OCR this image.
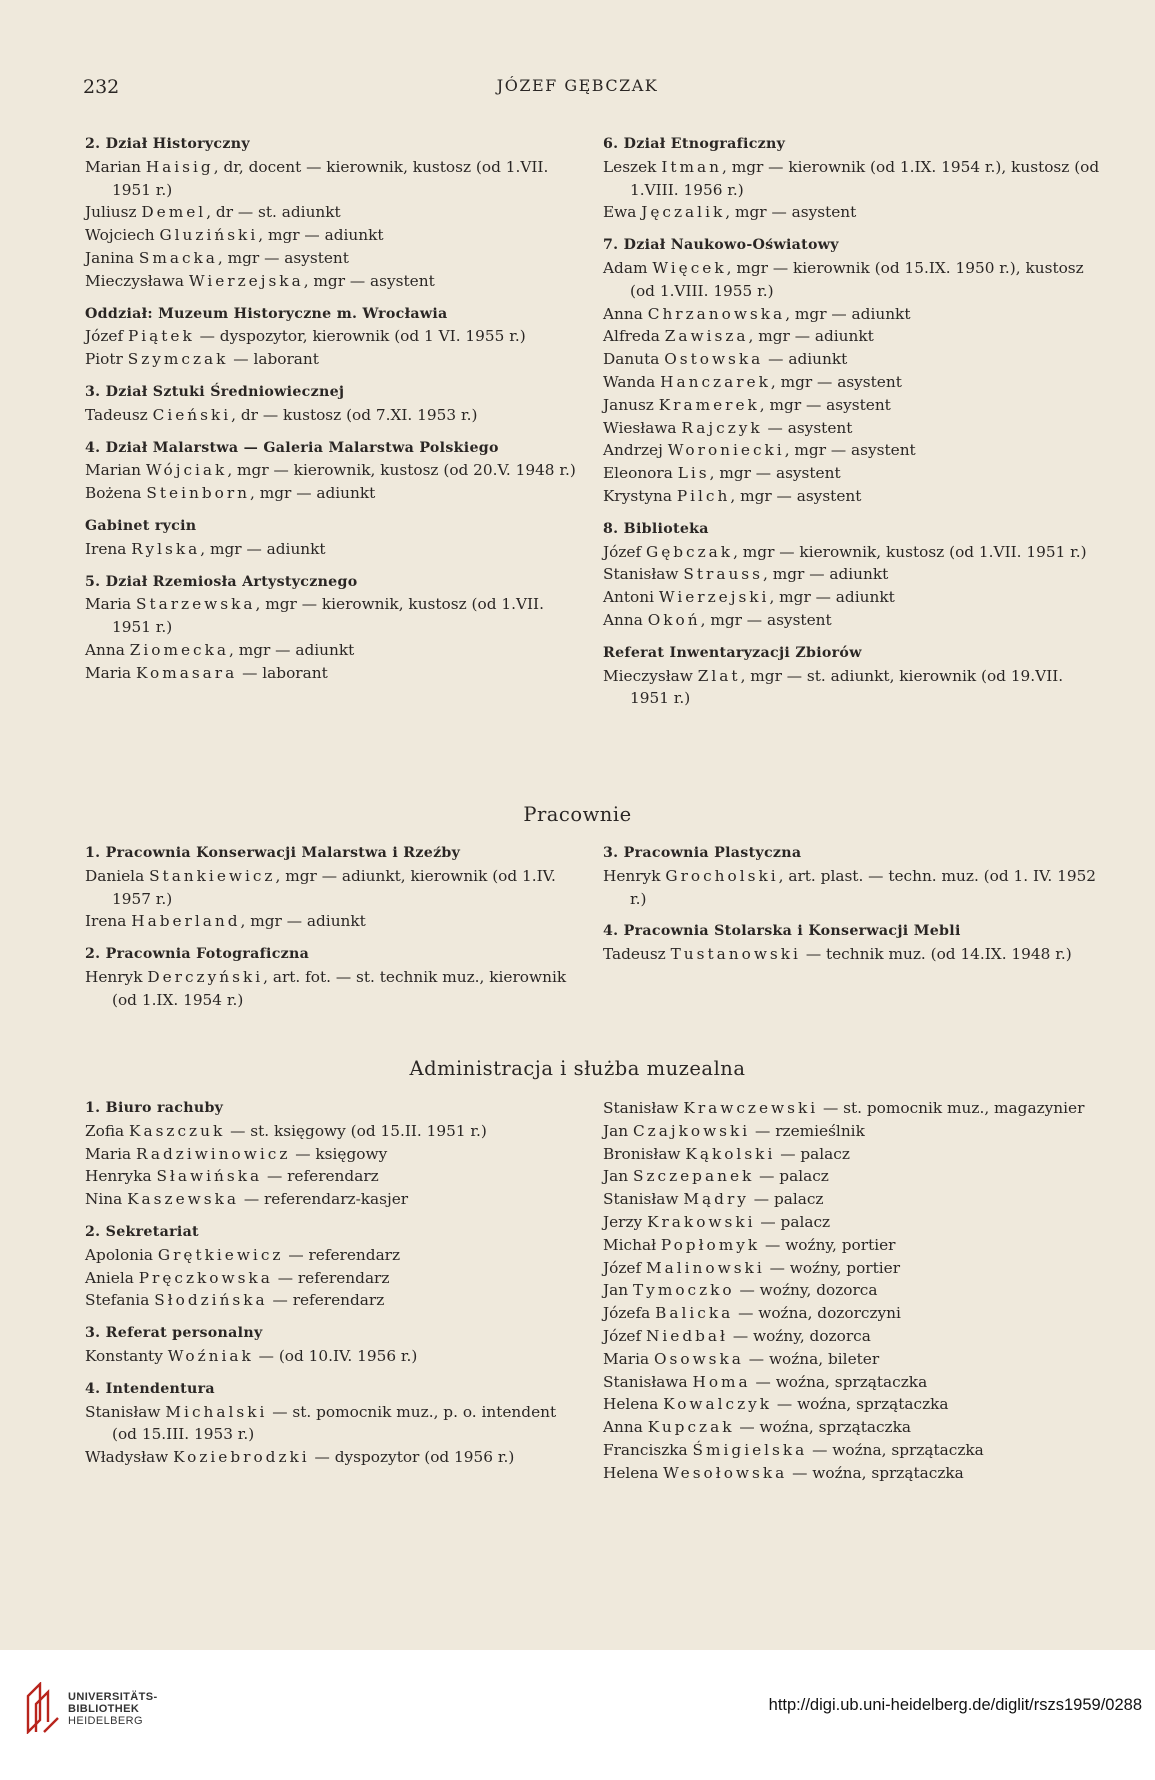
232	JÓZEF GĘBCZAK
2. Dział Historyczny
Marian Haisig, dr, docent — kierownik, kustosz (od 1.VII. 1951 r.)
Juliusz Demel, dr — st. adiunkt
Wojciech Gluziński, mgr — adiunkt
Janina Smacka, mgr — asystent
Mieczysława Wierzejska, mgr — asystent
Oddział: Muzeum Historyczne m. Wrocławia
Józef Piątek — dyspozytor, kierownik (od 1 VI. 1955 r.)
Piotr Szymczak — laborant
3. Dział Sztuki Średniowiecznej
Tadeusz Cieński, dr — kustosz (od 7.XI. 1953 r.)
4. Dział Malarstwa — Galeria Malarstwa Polskiego
Marian Wójciak, mgr — kierownik, kustosz (od 20.V. 1948 r.)
Bożena Steinborn, mgr — adiunkt
Gabinet rycin
Irena Rylska, mgr — adiunkt
5. Dział Rzemiosła Artystycznego
Maria Starzewska, mgr — kierownik, kustosz (od 1.VII. 1951 r.)
Anna Ziomecka, mgr — adiunkt
Maria Komasara — laborant
6. Dział Etnograficzny
Leszek Itman, mgr — kierownik (od 1.IX. 1954 r.), kustosz (od 1.VIII. 1956 r.)
Ewa Jęczalik, mgr — asystent
7. Dział Naukowo-Oświatowy
Adam Więcek, mgr — kierownik (od 15.IX. 1950 r.), kustosz (od 1.VIII. 1955 r.)
Anna Chrzanowska, mgr — adiunkt
Alfreda Zawisza, mgr — adiunkt
Danuta Ostowska — adiunkt
Wanda Hanczarek, mgr — asystent
Janusz Kramerek, mgr — asystent
Wiesława Rajczyk — asystent
Andrzej Woroniecki, mgr — asystent
Eleonora Lis, mgr — asystent
Krystyna Pilch, mgr — asystent
8. Biblioteka
Józef Gębczak, mgr — kierownik, kustosz (od 1.VII. 1951 r.)
Stanisław Strauss, mgr — adiunkt
Antoni Wierzejski, mgr — adiunkt
Anna Okoń, mgr — asystent
Referat Inwentaryzacji Zbiorów
Mieczysław Zlat, mgr — st. adiunkt, kierownik (od 19.VII. 1951 r.)
Pracownie
1. Pracownia Konserwacji Malarstwa i Rzeźby
Daniela Stankiewicz, mgr — adiunkt, kierownik (od 1.IV. 1957 r.)
Irena Haberland, mgr — adiunkt
2. Pracownia Fotograficzna
Henryk Derczyński, art. fot. — st. technik muz., kierownik (od 1.IX. 1954 r.)
3. Pracownia Plastyczna
Henryk Grocholski, art. plast. — techn. muz. (od 1. IV. 1952 r.)
4. Pracownia Stolarska i Konserwacji Mebli
Tadeusz Tustanowski — technik muz. (od 14.IX. 1948 r.)
Administracja i służba muzealna
1. Biuro rachuby
Zofia Kaszczuk — st. księgowy (od 15.II. 1951 r.)
Maria Radziwinowicz — księgowy
Henryka Sławińska — referendarz
Nina Kaszewska — referendarz-kasjer
2. Sekretariat
Apolonia Grętkiewicz — referendarz
Aniela Pręczkowska — referendarz
Stefania Słodzińska — referendarz
3. Referat personalny
Konstanty Woźniak — (od 10.IV. 1956 r.)
4. Intendentura
Stanisław Michalski — st. pomocnik muz., p. o. intendent (od 15.III. 1953 r.)
Władysław Koziebrodzki — dyspozytor (od 1956 r.)
Stanisław Krawczewski — st. pomocnik muz., magazynier
Jan Czajkowski — rzemieślnik
Bronisław Kąkolski — palacz
Jan Szczepanek — palacz
Stanisław Mądry — palacz
Jerzy Krakowski — palacz
Michał Popłomyk — woźny, portier
Józef Malinowski — woźny, portier
Jan Tymoczko — woźny, dozorca
Józefa Balicka — woźna, dozorczyni
Józef Niedbał — woźny, dozorca
Maria Osowska — woźna, bileter
Stanisława Homa — woźna, sprzątaczka
Helena Kowalczyk — woźna, sprzątaczka
Anna Kupczak — woźna, sprzątaczka
Franciszka Śmigielska — woźna, sprzątaczka
Helena Wesołowska — woźna, sprzątaczka
UNIVERSITÄTS-
BIBLIOTHEK
HEIDELBERG
http://digi.ub.uni-heidelberg.de/diglit/rszs1959/0288
